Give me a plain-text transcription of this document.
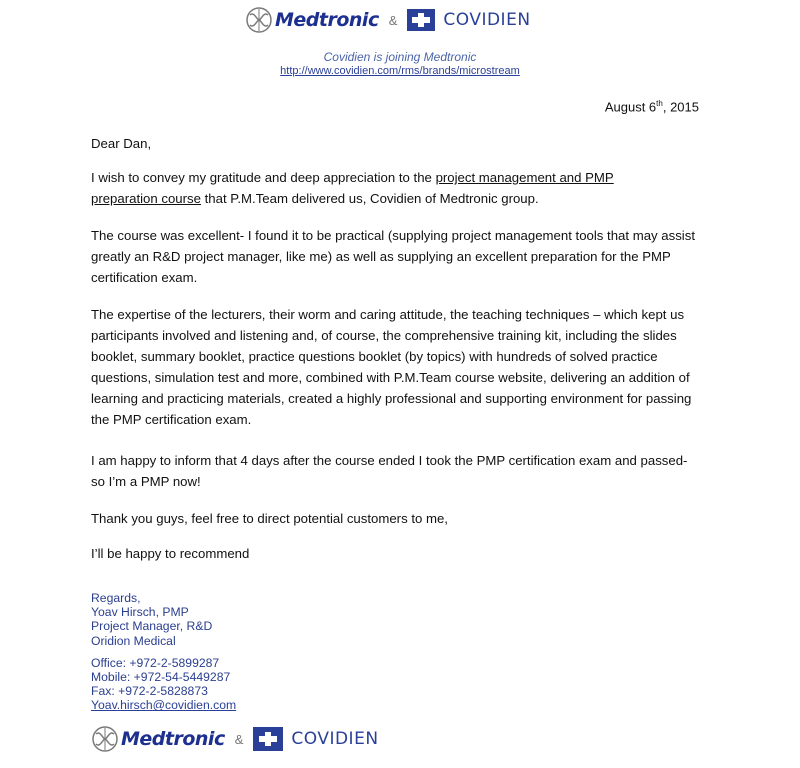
Medtronic &	COVIDIEN
Covidien is joining Medtronic
http://www.covidien.com/rms/brands/microstream
August 6th, 2015

Dear Dan,

I wish to convey my gratitude and deep appreciation to the project management and PMP
preparation course that P.M.Team delivered us, Covidien of Medtronic group.

The course was excellent- I found it to be practical (supplying project management tools that may assist greatly an R&D project manager, like me) as well as supplying an excellent preparation for the PMP certification exam.

The expertise of the lecturers, their worm and caring attitude, the teaching techniques – which kept us participants involved and listening and, of course, the comprehensive training kit, including the slides booklet, summary booklet, practice questions booklet (by topics) with hundreds of solved practice questions, simulation test and more, combined with P.M.Team course website, delivering an addition of learning and practicing materials, created a highly professional and supporting environment for passing the PMP certification exam.

I am happy to inform that 4 days after the course ended I took the PMP certification exam and passed- so I’m a PMP now!

Thank you guys, feel free to direct potential customers to me,

I’ll be happy to recommend

Regards,
Yoav Hirsch, PMP
Project Manager, R&D
Oridion Medical
Office: +972-2-5899287
Mobile: +972-54-5449287
Fax: +972-2-5828873
Yoav.hirsch@covidien.com
Medtronic &	COVIDIEN
